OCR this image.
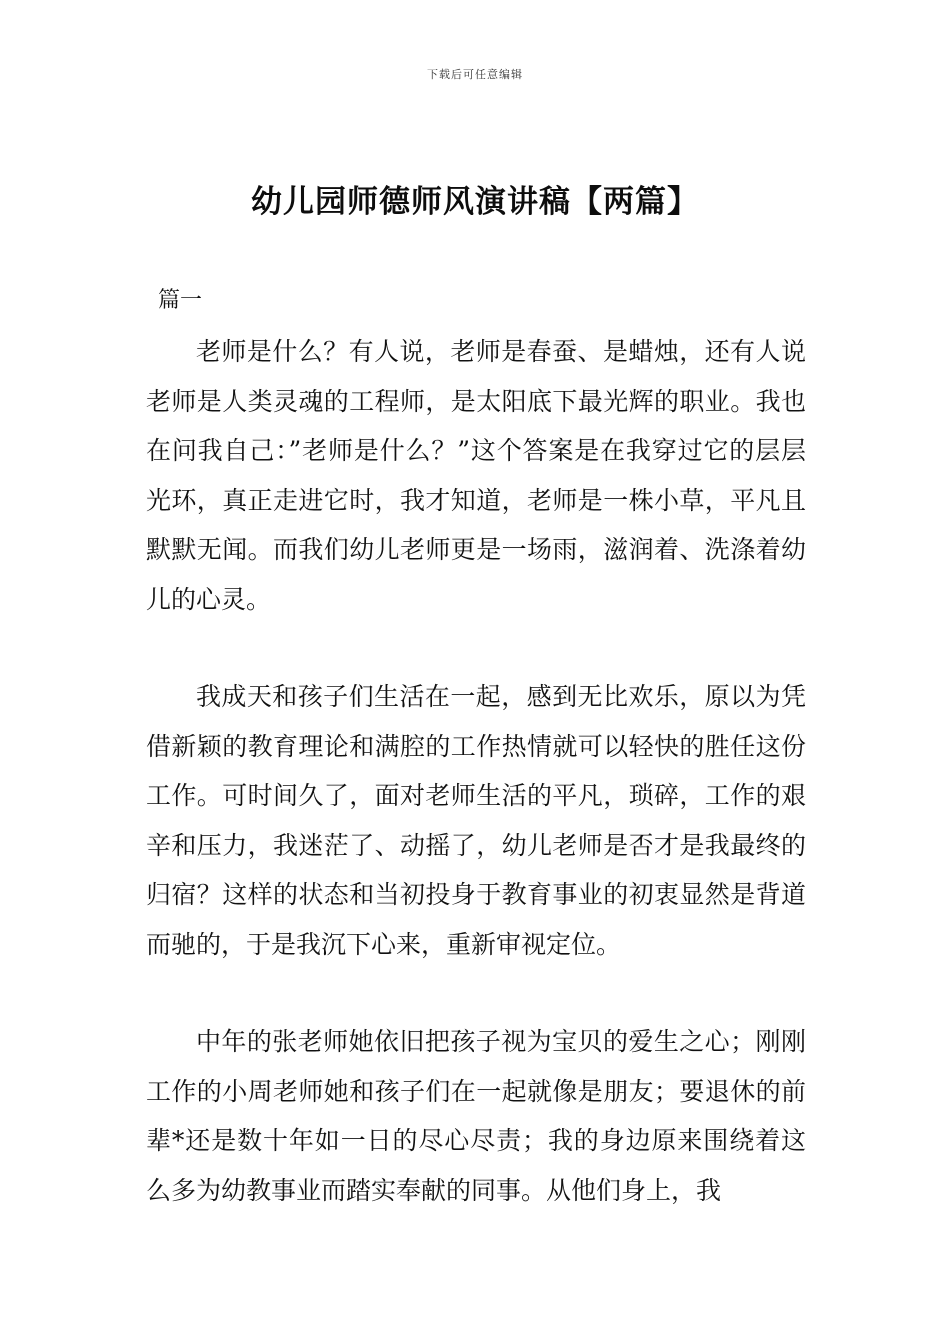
下载后可任意编辑
幼儿园师德师风演讲稿【两篇】
篇一

老师是什么？有人说，老师是春蚕、是蜡烛，还有人说老师是人类灵魂的工程师，是太阳底下最光辉的职业。我也在问我自己：”老师是什么？”这个答案是在我穿过它的层层光环，真正走进它时，我才知道，老师是一株小草，平凡且默默无闻。而我们幼儿老师更是一场雨，滋润着、洗涤着幼儿的心灵。

我成天和孩子们生活在一起，感到无比欢乐，原以为凭借新颖的教育理论和满腔的工作热情就可以轻快的胜任这份工作。可时间久了，面对老师生活的平凡，琐碎，工作的艰辛和压力，我迷茫了、动摇了，幼儿老师是否才是我最终的归宿？这样的状态和当初投身于教育事业的初衷显然是背道而驰的，于是我沉下心来，重新审视定位。

中年的张老师她依旧把孩子视为宝贝的爱生之心；刚刚工作的小周老师她和孩子们在一起就像是朋友；要退休的前辈*还是数十年如一日的尽心尽责；我的身边原来围绕着这么多为幼教事业而踏实奉献的同事。从他们身上，我
